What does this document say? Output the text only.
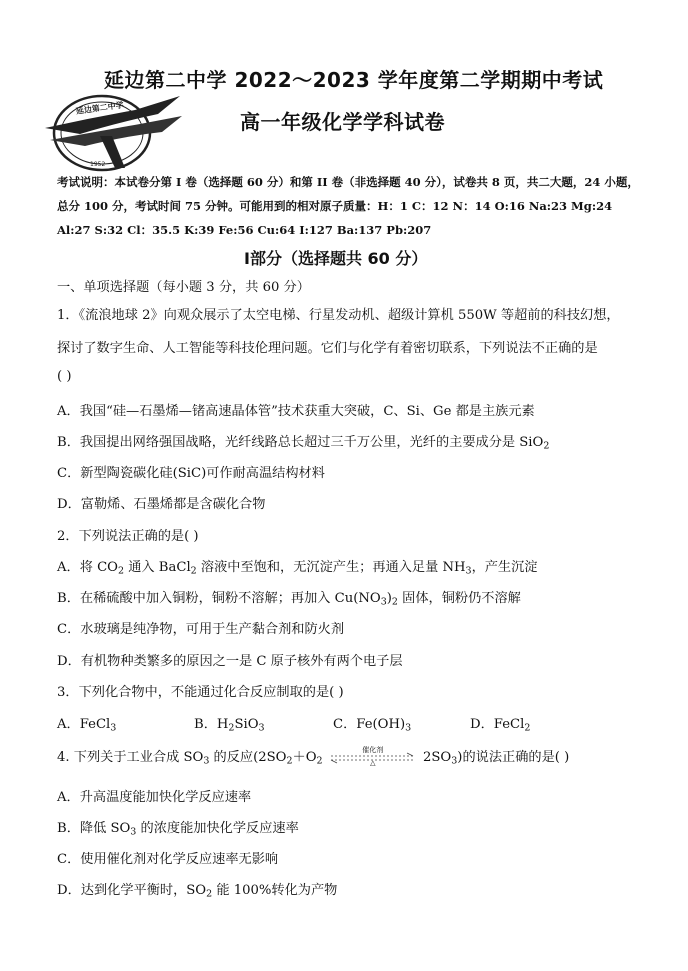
延边第二中学
1952
延边第二中学 2022～2023 学年度第二学期期中考试
高一年级化学学科试卷
考试说明：本试卷分第 I 卷（选择题 60 分）和第 II 卷（非选择题 40 分），试卷共 8 页，共二大题，24 小题，
总分 100 分，考试时间 75 分钟。可能用到的相对原子质量：H：1 C：12 N：14 O:16 Na:23 Mg:24
Al:27 S:32 Cl：35.5 K:39 Fe:56 Cu:64 I:127 Ba:137 Pb:207
Ⅰ部分（选择题共 60 分）
一、单项选择题（每小题 3 分，共 60 分）
1．《流浪地球 2》向观众展示了太空电梯、行星发动机、超级计算机 550W 等超前的科技幻想，
探讨了数字生命、人工智能等科技伦理问题。它们与化学有着密切联系，下列说法不正确的是
( )
A．我国“硅—石墨烯—锗高速晶体管”技术获重大突破，C、Si、Ge 都是主族元素
B．我国提出网络强国战略，光纤线路总长超过三千万公里，光纤的主要成分是 SiO$_2$
C．新型陶瓷碳化硅(SiC)可作耐高温结构材料
D．富勒烯、石墨烯都是含碳化合物
2．下列说法正确的是( )
A．将 $CO_2$ 通入 BaCl$_2$ 溶液中至饱和，无沉淀产生；再通入足量 $NH_3$，产生沉淀
B．在稀硫酸中加入铜粉，铜粉不溶解；再加入 $Cu(NO_3)_2$ 固体，铜粉仍不溶解
C．水玻璃是纯净物，可用于生产黏合剂和防火剂
D．有机物种类繁多的原因之一是 C 原子核外有两个电子层
3．下列化合物中，不能通过化合反应制取的是( )
A．FeCl$_3$	B．$H_2SiO_3$	C．$Fe(OH)_3$	D．FeCl$_2$
4. 下列关于工业合成 $SO_3$ 的反应($2SO_2+O_2$
催化剂
△	$2SO_3$)的说法正确的是( )
A．升高温度能加快化学反应速率
B．降低 $SO_3$ 的浓度能加快化学反应速率
C．使用催化剂对化学反应速率无影响
D．达到化学平衡时，$SO_2$ 能 100%转化为产物
